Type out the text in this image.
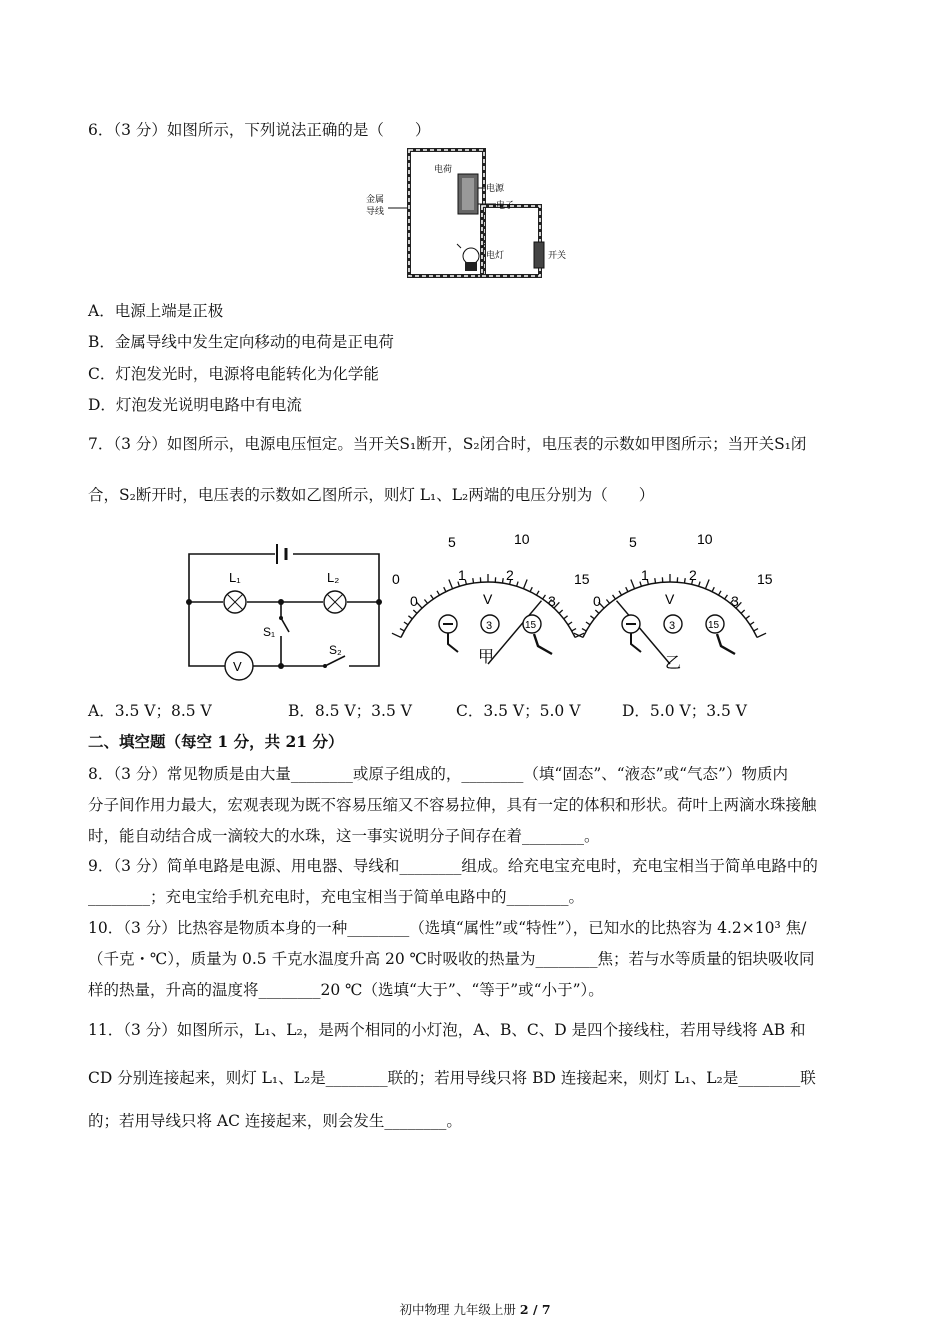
6．（3 分）如图所示，下列说法正确的是（　　）
电荷
电源
电子
金属
导线
电灯	开关
A．电源上端是正极
B．金属导线中发生定向移动的电荷是正电荷
C．灯泡发光时，电源将电能转化为化学能
D．灯泡发光说明电路中有电流
7．（3 分）如图所示，电源电压恒定。当开关S₁断开，S₂闭合时，电压表的示数如甲图所示；当开关S₁闭
合，S₂断开时，电压表的示数如乙图所示，则灯 L₁、L₂两端的电压分别为（　　）
V
L₁	L₂
S₁
S₂
0
5	10
15
0
1	2
3
V
3	15
甲
5	10
15
0
1	2
3
V
3	15
乙
A．3.5 V；8.5 V	B．8.5 V；3.5 V	C．3.5 V；5.0 V	D．5.0 V；3.5 V
二、填空题（每空 1 分，共 21 分）
8．（3 分）常见物质是由大量________或原子组成的，________（填“固态”、“液态”或“气态”）物质内
分子间作用力最大，宏观表现为既不容易压缩又不容易拉伸，具有一定的体积和形状。荷叶上两滴水珠接触
时，能自动结合成一滴较大的水珠，这一事实说明分子间存在着________。
9．（3 分）简单电路是电源、用电器、导线和________组成。给充电宝充电时，充电宝相当于简单电路中的
________；充电宝给手机充电时，充电宝相当于简单电路中的________。
10．（3 分）比热容是物质本身的一种________（选填“属性”或“特性”），已知水的比热容为 4.2×10³ 焦/
（千克・℃），质量为 0.5 千克水温度升高 20 ℃时吸收的热量为________焦；若与水等质量的铝块吸收同
样的热量，升高的温度将________20 ℃（选填“大于”、“等于”或“小于”）。
11．（3 分）如图所示，L₁、L₂，是两个相同的小灯泡，A、B、C、D 是四个接线柱，若用导线将 AB 和
CD 分别连接起来，则灯 L₁、L₂是________联的；若用导线只将 BD 连接起来，则灯 L₁、L₂是________联
的；若用导线只将 AC 连接起来，则会发生________。
初中物理 九年级上册 2 / 7
